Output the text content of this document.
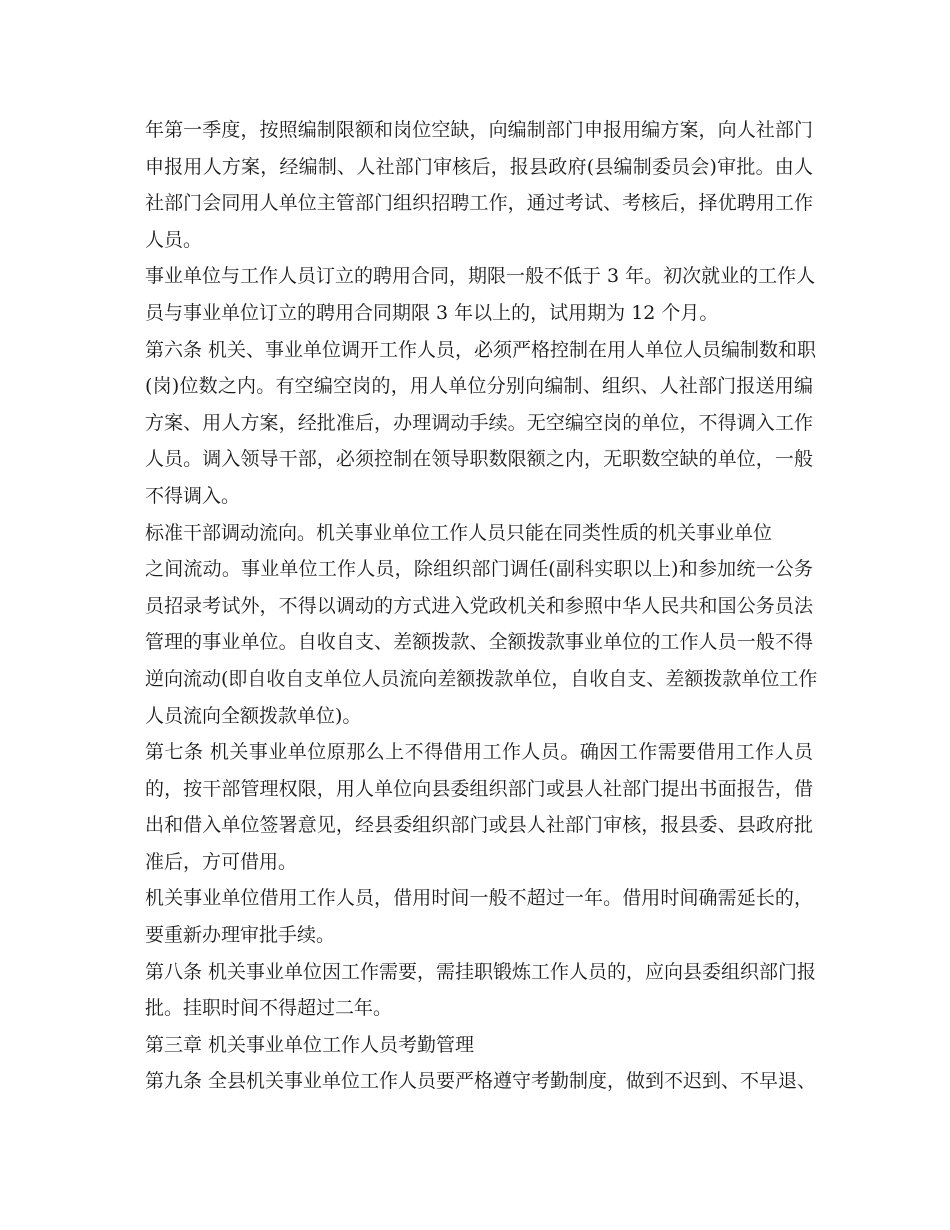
年第一季度，按照编制限额和岗位空缺，向编制部门申报用编方案，向人社部门
申报用人方案，经编制、人社部门审核后，报县政府(县编制委员会)审批。由人
社部门会同用人单位主管部门组织招聘工作，通过考试、考核后，择优聘用工作
人员。
事业单位与工作人员订立的聘用合同，期限一般不低于 3 年。初次就业的工作人
员与事业单位订立的聘用合同期限 3 年以上的，试用期为 12 个月。
第六条 机关、事业单位调开工作人员，必须严格控制在用人单位人员编制数和职
(岗)位数之内。有空编空岗的，用人单位分别向编制、组织、人社部门报送用编
方案、用人方案，经批准后，办理调动手续。无空编空岗的单位，不得调入工作
人员。调入领导干部，必须控制在领导职数限额之内，无职数空缺的单位，一般
不得调入。
标准干部调动流向。机关事业单位工作人员只能在同类性质的机关事业单位
之间流动。事业单位工作人员，除组织部门调任(副科实职以上)和参加统一公务
员招录考试外，不得以调动的方式进入党政机关和参照中华人民共和国公务员法
管理的事业单位。自收自支、差额拨款、全额拨款事业单位的工作人员一般不得
逆向流动(即自收自支单位人员流向差额拨款单位，自收自支、差额拨款单位工作
人员流向全额拨款单位)。
第七条 机关事业单位原那么上不得借用工作人员。确因工作需要借用工作人员
的，按干部管理权限，用人单位向县委组织部门或县人社部门提出书面报告，借
出和借入单位签署意见，经县委组织部门或县人社部门审核，报县委、县政府批
准后，方可借用。
机关事业单位借用工作人员，借用时间一般不超过一年。借用时间确需延长的，
要重新办理审批手续。
第八条 机关事业单位因工作需要，需挂职锻炼工作人员的，应向县委组织部门报
批。挂职时间不得超过二年。
第三章 机关事业单位工作人员考勤管理
第九条 全县机关事业单位工作人员要严格遵守考勤制度，做到不迟到、不早退、
